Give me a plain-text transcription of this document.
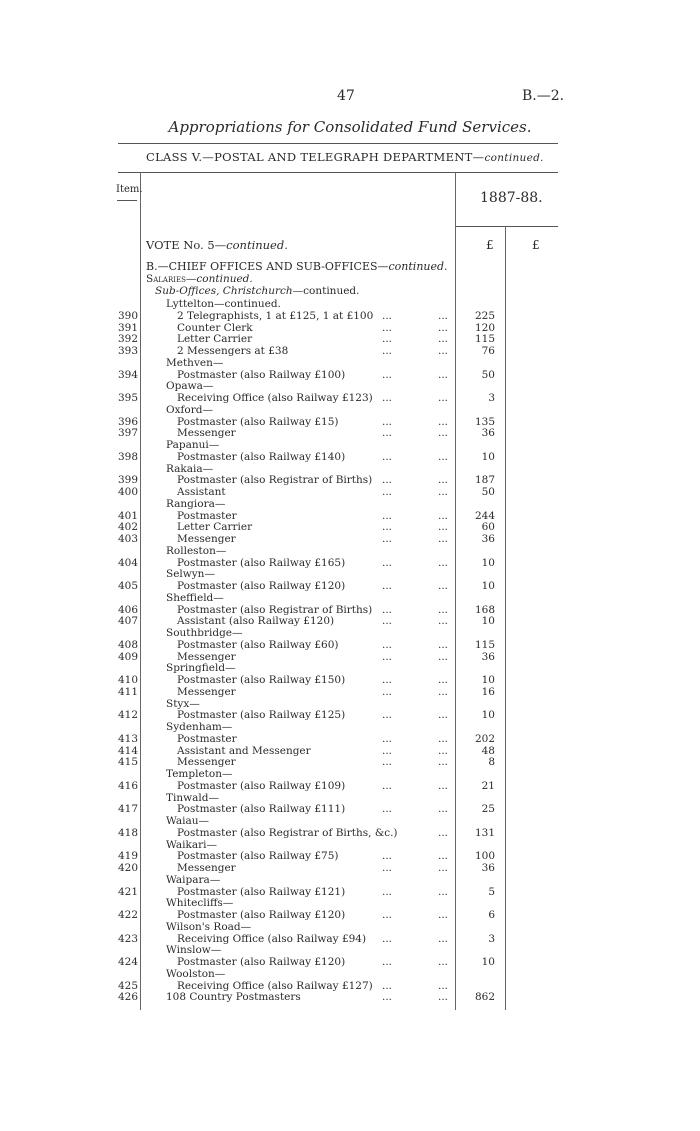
47	B.—2.
Appropriations for Consolidated Fund Services.
CLASS V.—POSTAL AND TELEGRAPH DEPARTMENT—continued.
Item.
1887-88.
VOTE No. 5—continued.	£	£
B.—CHIEF OFFICES AND SUB-OFFICES—continued.
Salaries—continued.
Sub-Offices, Christchurch—continued.
Lyttelton—continued.
390	2 Telegraphists, 1 at £125, 1 at £100 ...	...	225
391	Counter Clerk	...	...	120
392	Letter Carrier	...	...	115
393	2 Messengers at £38	...	...	76
Methven—
394	Postmaster (also Railway £100)	...	...	50
Opawa—
395	Receiving Office (also Railway £123) ...	...	3
Oxford—
396	Postmaster (also Railway £15)	...	...	135
397	Messenger	...	...	36
Papanui—
398	Postmaster (also Railway £140)	...	...	10
Rakaia—
399	Postmaster (also Registrar of Births) ...	...	187
400	Assistant	...	...	50
Rangiora—
401	Postmaster	...	...	244
402	Letter Carrier	...	...	60
403	Messenger	...	...	36
Rolleston—
404	Postmaster (also Railway £165)	...	...	10
Selwyn—
405	Postmaster (also Railway £120)	...	...	10
Sheffield—
406	Postmaster (also Registrar of Births) ...	...	168
407	Assistant (also Railway £120)	...	...	10
Southbridge—
408	Postmaster (also Railway £60)	...	...	115
409	Messenger	...	...	36
Springfield—
410	Postmaster (also Railway £150)	...	...	10
411	Messenger	...	...	16
Styx—
412	Postmaster (also Railway £125)	...	...	10
Sydenham—
413	Postmaster	...	...	202
414	Assistant and Messenger	...	...	48
415	Messenger	...	...	8
Templeton—
416	Postmaster (also Railway £109)	...	...	21
Tinwald—
417	Postmaster (also Railway £111)	...	...	25
Waiau—
418	Postmaster (also Registrar of Births, &c.)	...	131
Waikari—
419	Postmaster (also Railway £75)	...	...	100
420	Messenger	...	...	36
Waipara—
421	Postmaster (also Railway £121)	...	...	5
Whitecliffs—
422	Postmaster (also Railway £120)	...	...	6
Wilson's Road—
423	Receiving Office (also Railway £94) ...	...	3
Winslow—
424	Postmaster (also Railway £120)	...	...	10
Woolston—
425	Receiving Office (also Railway £127) ...	...
426	108 Country Postmasters	...	...	862
